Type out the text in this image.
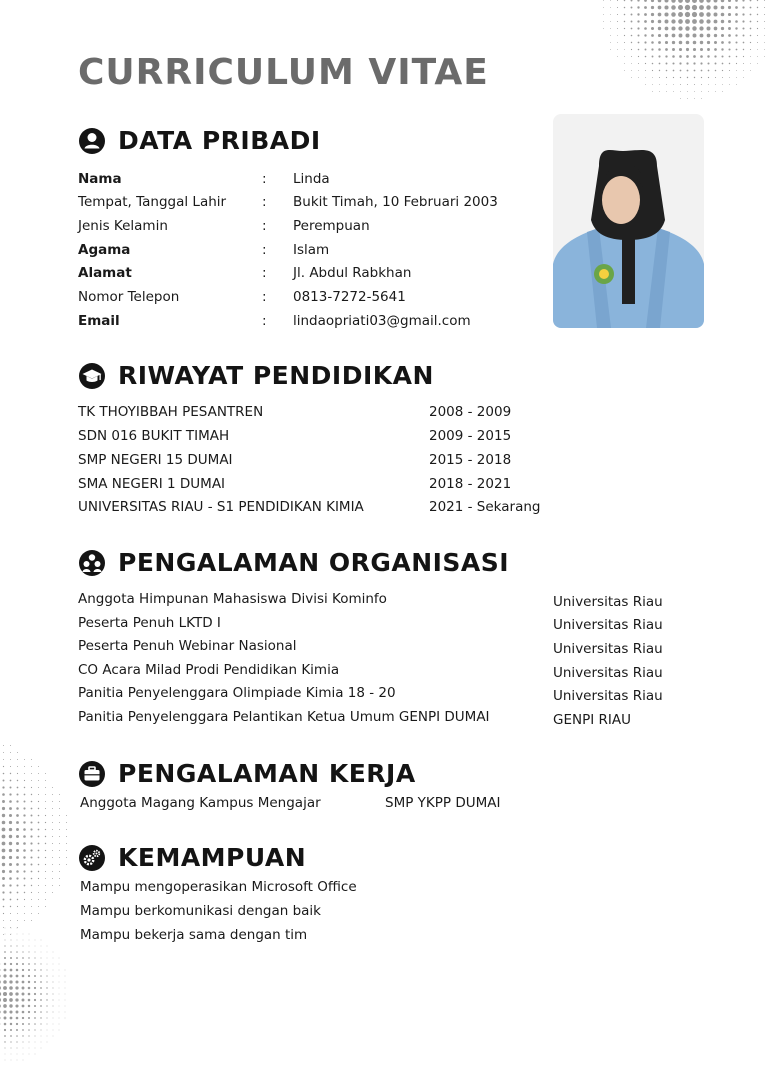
CURRICULUM VITAE
DATA PRIBADI
Nama	: Linda
Tempat, Tanggal Lahir	: Bukit Timah, 10 Februari 2003
Jenis Kelamin	: Perempuan
Agama	: Islam
Alamat	: Jl. Abdul Rabkhan
Nomor Telepon	: 0813-7272-5641
Email	: lindaopriati03@gmail.com
RIWAYAT PENDIDIKAN
TK THOYIBBAH PESANTREN	2008 - 2009
SDN 016 BUKIT TIMAH	2009 - 2015
SMP NEGERI 15 DUMAI	2015 - 2018
SMA NEGERI 1 DUMAI	2018 - 2021
UNIVERSITAS RIAU - S1 PENDIDIKAN KIMIA	2021 - Sekarang
PENGALAMAN ORGANISASI
Anggota Himpunan Mahasiswa Divisi Kominfo	Universitas Riau
Peserta Penuh LKTD I	Universitas Riau
Peserta Penuh Webinar Nasional	Universitas Riau
CO Acara Milad Prodi Pendidikan Kimia	Universitas Riau
Panitia Penyelenggara Olimpiade Kimia 18 - 20	Universitas Riau
Panitia Penyelenggara Pelantikan Ketua Umum GENPI DUMAI	GENPI RIAU
PENGALAMAN KERJA
Anggota Magang Kampus Mengajar	SMP YKPP DUMAI
KEMAMPUAN
Mampu mengoperasikan Microsoft Office
Mampu berkomunikasi dengan baik
Mampu bekerja sama dengan tim
